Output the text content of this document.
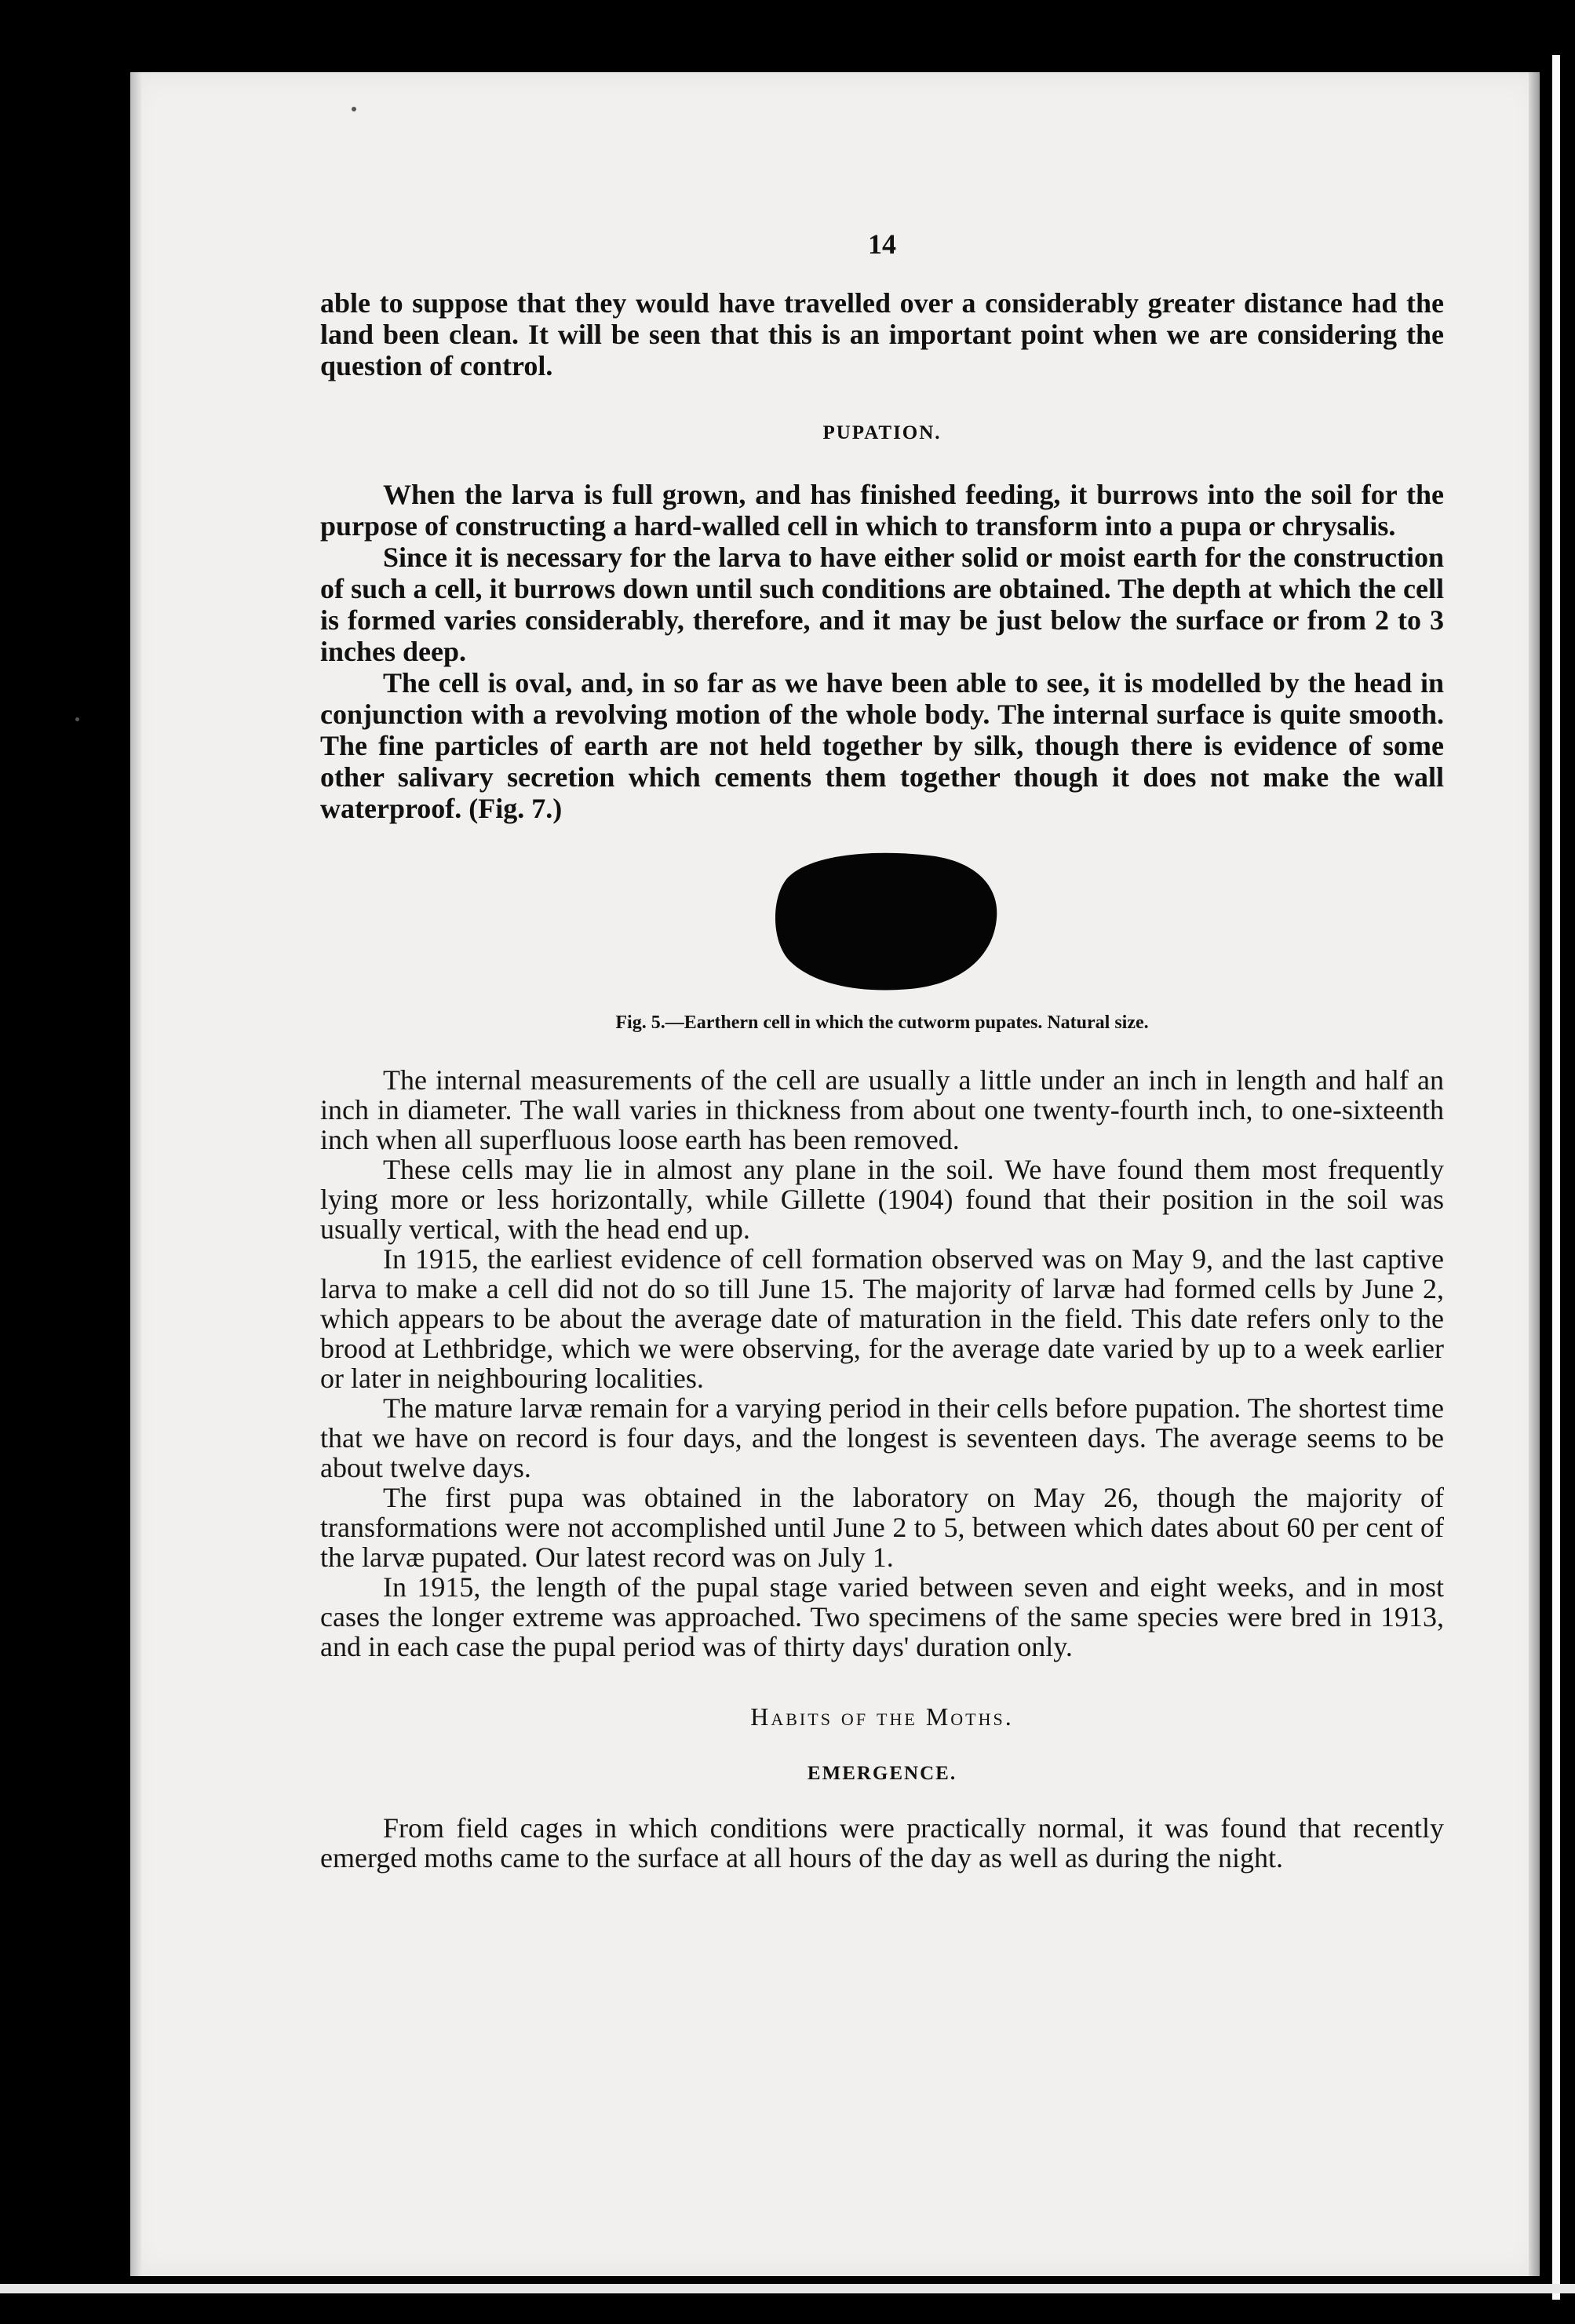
14

able to suppose that they would have travelled over a considerably greater distance had the land been clean. It will be seen that this is an important point when we are considering the question of control.

PUPATION.

When the larva is full grown, and has finished feeding, it burrows into the soil for the purpose of constructing a hard-walled cell in which to transform into a pupa or chrysalis.

Since it is necessary for the larva to have either solid or moist earth for the construction of such a cell, it burrows down until such conditions are obtained. The depth at which the cell is formed varies considerably, therefore, and it may be just below the surface or from 2 to 3 inches deep.

The cell is oval, and, in so far as we have been able to see, it is modelled by the head in conjunction with a revolving motion of the whole body. The internal surface is quite smooth. The fine particles of earth are not held together by silk, though there is evidence of some other salivary secretion which cements them together though it does not make the wall waterproof. (Fig. 7.)

Fig. 5.—Earthern cell in which the cutworm pupates. Natural size.

The internal measurements of the cell are usually a little under an inch in length and half an inch in diameter. The wall varies in thickness from about one twenty-fourth inch, to one-sixteenth inch when all superfluous loose earth has been removed.

These cells may lie in almost any plane in the soil. We have found them most frequently lying more or less horizontally, while Gillette (1904) found that their position in the soil was usually vertical, with the head end up.

In 1915, the earliest evidence of cell formation observed was on May 9, and the last captive larva to make a cell did not do so till June 15. The majority of larvæ had formed cells by June 2, which appears to be about the average date of maturation in the field. This date refers only to the brood at Lethbridge, which we were observing, for the average date varied by up to a week earlier or later in neighbouring localities.

The mature larvæ remain for a varying period in their cells before pupation. The shortest time that we have on record is four days, and the longest is seventeen days. The average seems to be about twelve days.

The first pupa was obtained in the laboratory on May 26, though the majority of transformations were not accomplished until June 2 to 5, between which dates about 60 per cent of the larvæ pupated. Our latest record was on July 1.

In 1915, the length of the pupal stage varied between seven and eight weeks, and in most cases the longer extreme was approached. Two specimens of the same species were bred in 1913, and in each case the pupal period was of thirty days' duration only.

Habits of the Moths.
EMERGENCE.

From field cages in which conditions were practically normal, it was found that recently emerged moths came to the surface at all hours of the day as well as during the night.
